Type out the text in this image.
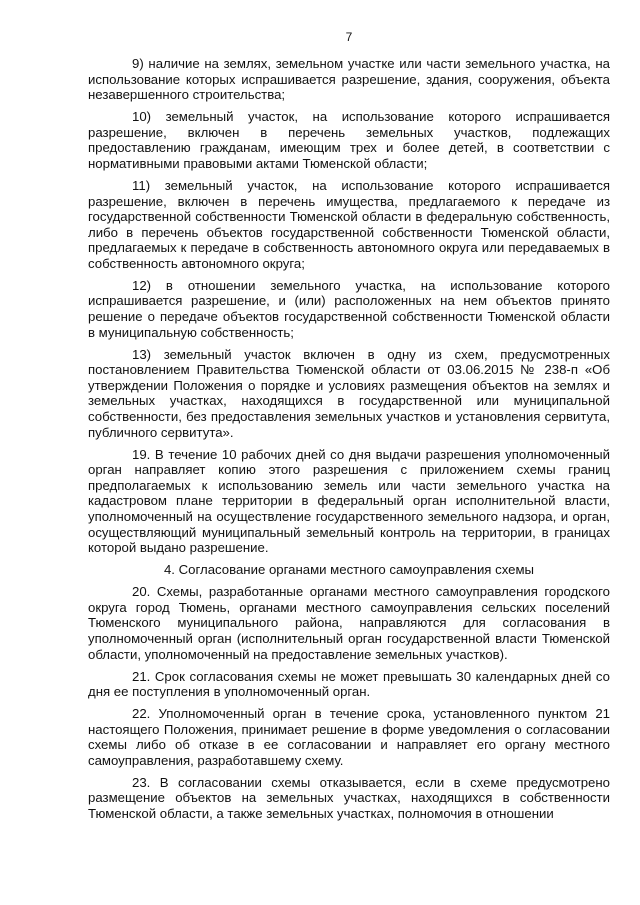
7

9) наличие на землях, земельном участке или части земельного участка, на использование которых испрашивается разрешение, здания, сооружения, объекта незавершенного строительства;

10) земельный участок, на использование которого испрашивается разрешение, включен в перечень земельных участков, подлежащих предоставлению гражданам, имеющим трех и более детей, в соответствии с нормативными правовыми актами Тюменской области;

11) земельный участок, на использование которого испрашивается разрешение, включен в перечень имущества, предлагаемого к передаче из государственной собственности Тюменской области в федеральную собственность, либо в перечень объектов государственной собственности Тюменской области, предлагаемых к передаче в собственность автономного округа или передаваемых в собственность автономного округа;

12) в отношении земельного участка, на использование которого испрашивается разрешение, и (или) расположенных на нем объектов принято решение о передаче объектов государственной собственности Тюменской области в муниципальную собственность;

13) земельный участок включен в одну из схем, предусмотренных постановлением Правительства Тюменской области от 03.06.2015 № 238-п «Об утверждении Положения о порядке и условиях размещения объектов на землях и земельных участках, находящихся в государственной или муниципальной собственности, без предоставления земельных участков и установления сервитута, публичного сервитута».

19. В течение 10 рабочих дней со дня выдачи разрешения уполномоченный орган направляет копию этого разрешения с приложением схемы границ предполагаемых к использованию земель или части земельного участка на кадастровом плане территории в федеральный орган исполнительной власти, уполномоченный на осуществление государственного земельного надзора, и орган, осуществляющий муниципальный земельный контроль на территории, в границах которой выдано разрешение.

4. Согласование органами местного самоуправления схемы

20. Схемы, разработанные органами местного самоуправления городского округа город Тюмень, органами местного самоуправления сельских поселений Тюменского муниципального района, направляются для согласования в уполномоченный орган (исполнительный орган государственной власти Тюменской области, уполномоченный на предоставление земельных участков).

21. Срок согласования схемы не может превышать 30 календарных дней со дня ее поступления в уполномоченный орган.

22. Уполномоченный орган в течение срока, установленного пунктом 21 настоящего Положения, принимает решение в форме уведомления о согласовании схемы либо об отказе в ее согласовании и направляет его органу местного самоуправления, разработавшему схему.

23. В согласовании схемы отказывается, если в схеме предусмотрено размещение объектов на земельных участках, находящихся в собственности Тюменской области, а также земельных участках, полномочия в отношении
